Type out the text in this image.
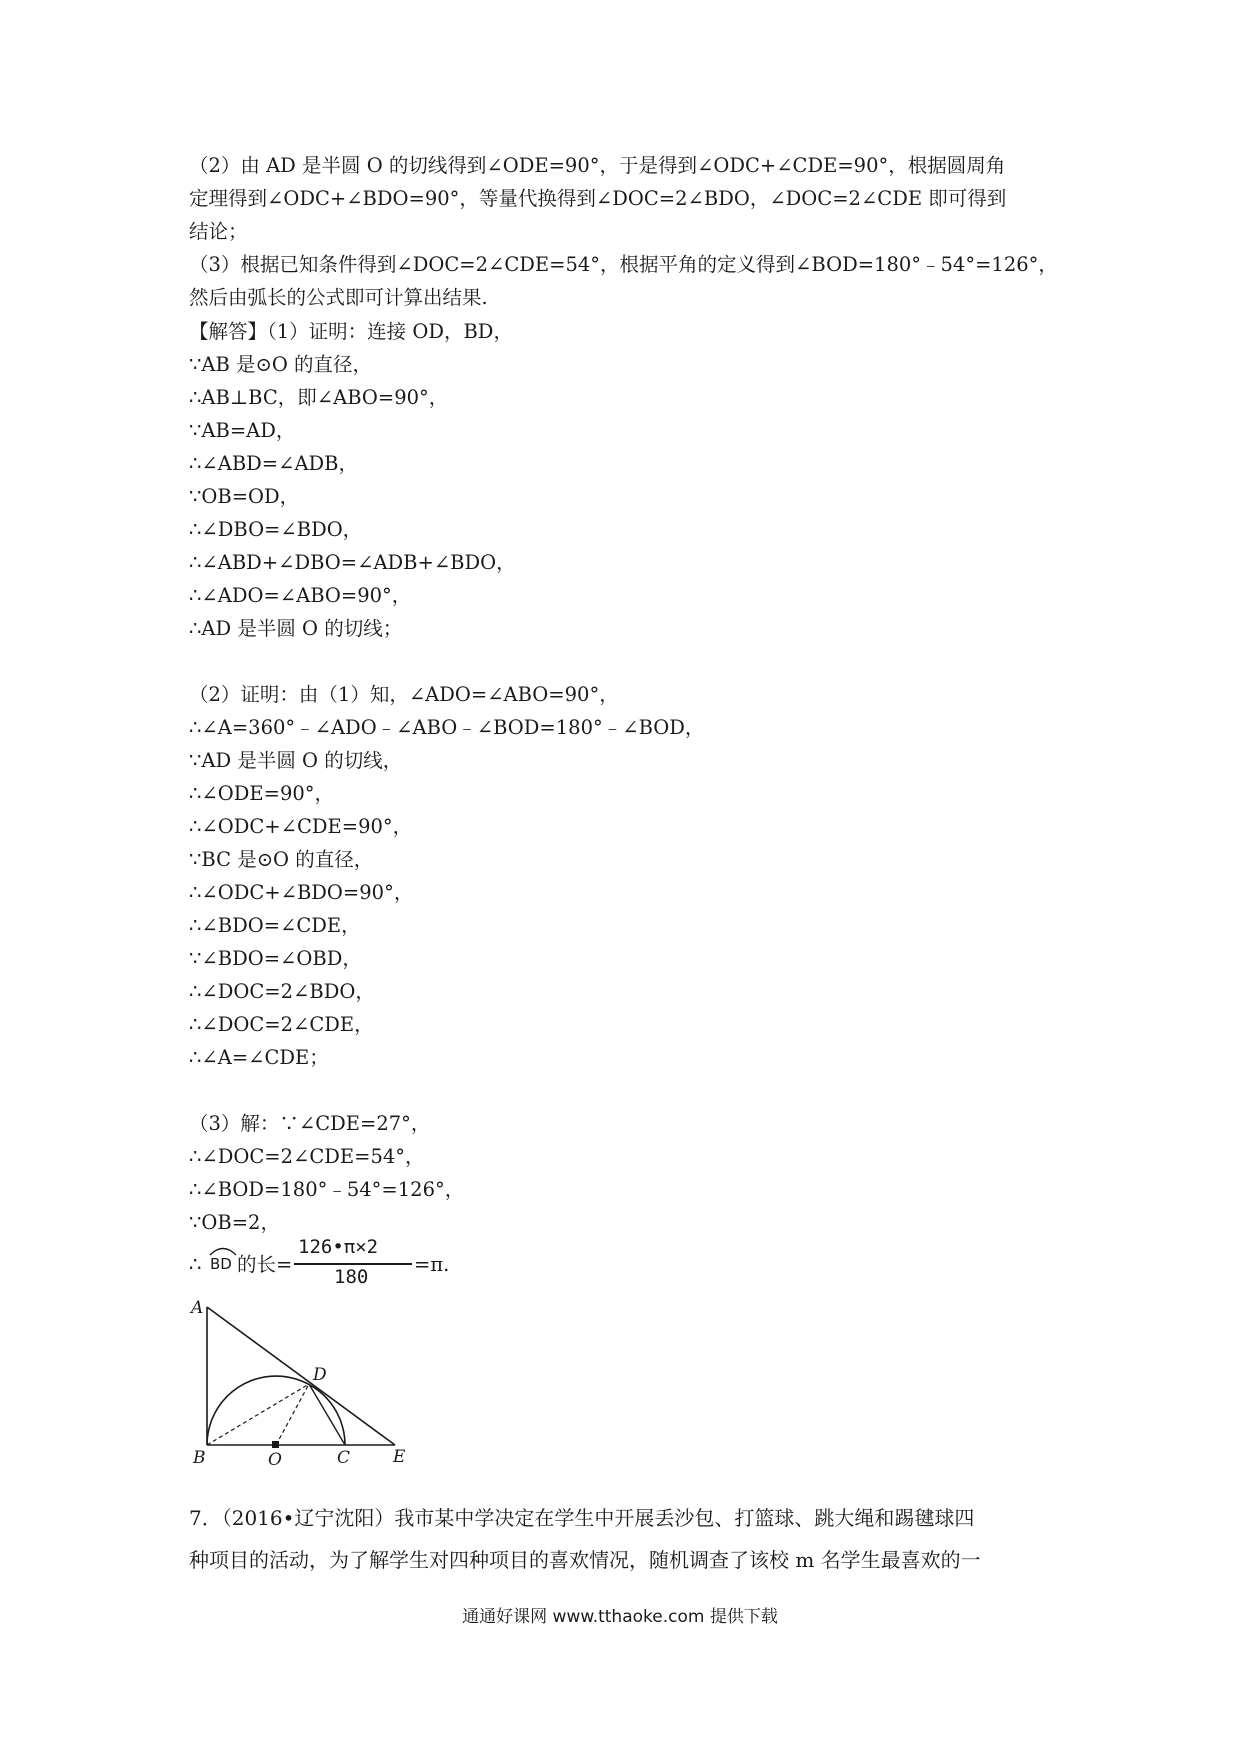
（2）由 AD 是半圆 O 的切线得到∠ODE=90°，于是得到∠ODC+∠CDE=90°，根据圆周角
定理得到∠ODC+∠BDO=90°，等量代换得到∠DOC=2∠BDO，∠DOC=2∠CDE 即可得到
结论；
（3）根据已知条件得到∠DOC=2∠CDE=54°，根据平角的定义得到∠BOD=180°﹣54°=126°，
然后由弧长的公式即可计算出结果.
【解答】（1）证明：连接 OD，BD，
∵AB 是⊙O 的直径，
∴AB⊥BC，即∠ABO=90°，
∵AB=AD，
∴∠ABD=∠ADB，
∵OB=OD，
∴∠DBO=∠BDO，
∴∠ABD+∠DBO=∠ADB+∠BDO，
∴∠ADO=∠ABO=90°，
∴AD 是半圆 O 的切线；
（2）证明：由（1）知，∠ADO=∠ABO=90°，
∴∠A=360°﹣∠ADO﹣∠ABO﹣∠BOD=180°﹣∠BOD，
∵AD 是半圆 O 的切线，
∴∠ODE=90°，
∴∠ODC+∠CDE=90°，
∵BC 是⊙O 的直径，
∴∠ODC+∠BDO=90°，
∴∠BDO=∠CDE，
∵∠BDO=∠OBD，
∴∠DOC=2∠BDO，
∴∠DOC=2∠CDE，
∴∠A=∠CDE；
（3）解：∵∠CDE=27°，
∴∠DOC=2∠CDE=54°，
∴∠BOD=180°﹣54°=126°，
∵OB=2，
∴ BD 的长=
126•π×2
180
=π.
A
B	O	C
D
E
7．（2016•辽宁沈阳）我市某中学决定在学生中开展丢沙包、打篮球、跳大绳和踢毽球四
种项目的活动，为了解学生对四种项目的喜欢情况，随机调查了该校 m 名学生最喜欢的一
通通好课网 www.tthaoke.com 提供下载
